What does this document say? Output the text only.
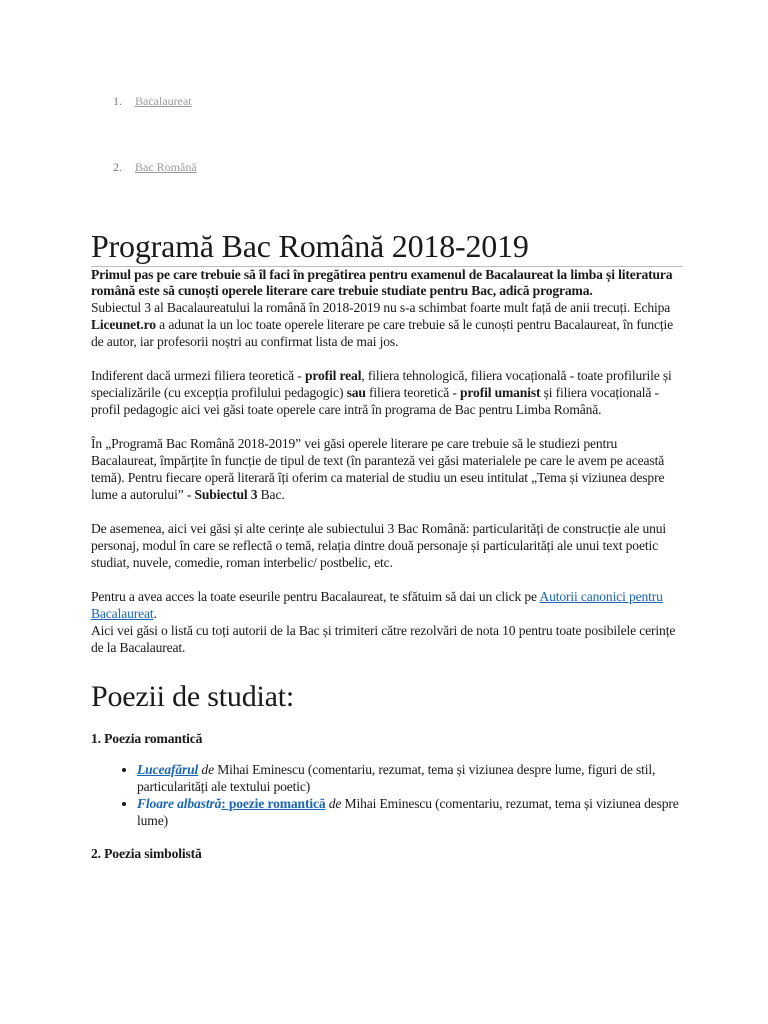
1. Bacalaureat
2. Bac Română
Programă Bac Română 2018-2019

Primul pas pe care trebuie să îl faci în pregătirea pentru examenul de Bacalaureat la limba și literatura română este să cunoști operele literare care trebuie studiate pentru Bac, adică programa.

Subiectul 3 al Bacalaureatului la română în 2018-2019 nu s-a schimbat foarte mult față de anii trecuți. Echipa Liceunet.ro a adunat la un loc toate operele literare pe care trebuie să le cunoști pentru Bacalaureat, în funcție de autor, iar profesorii noștri au confirmat lista de mai jos.

Indiferent dacă urmezi filiera teoretică - profil real, filiera tehnologică, filiera vocațională - toate profilurile și specializările (cu excepția profilului pedagogic) sau filiera teoretică - profil umanist și filiera vocațională - profil pedagogic aici vei găsi toate operele care intră în programa de Bac pentru Limba Română.

În „Programă Bac Română 2018-2019” vei găsi operele literare pe care trebuie să le studiezi pentru Bacalaureat, împărțite în funcție de tipul de text (în paranteză vei găsi materialele pe care le avem pe această temă). Pentru fiecare operă literară îți oferim ca material de studiu un eseu intitulat „Tema și viziunea despre lume a autorului” - Subiectul 3 Bac.

De asemenea, aici vei găsi și alte cerințe ale subiectului 3 Bac Română: particularități de construcție ale unui personaj, modul în care se reflectă o temă, relația dintre două personaje și particularități ale unui text poetic studiat, nuvele, comedie, roman interbelic/ postbelic, etc.

Pentru a avea acces la toate eseurile pentru Bacalaureat, te sfătuim să dai un click pe Autorii canonici pentru Bacalaureat.
Aici vei găsi o listă cu toți autorii de la Bac și trimiteri către rezolvări de nota 10 pentru toate posibilele cerințe de la Bacalaureat.

Poezii de studiat:

1. Poezia romantică

• Luceafărul de Mihai Eminescu (comentariu, rezumat, tema și viziunea despre lume, figuri de stil, particularități ale textului poetic)
• Floare albastră: poezie romantică de Mihai Eminescu (comentariu, rezumat, tema și viziunea despre lume)

2. Poezia simbolistă
